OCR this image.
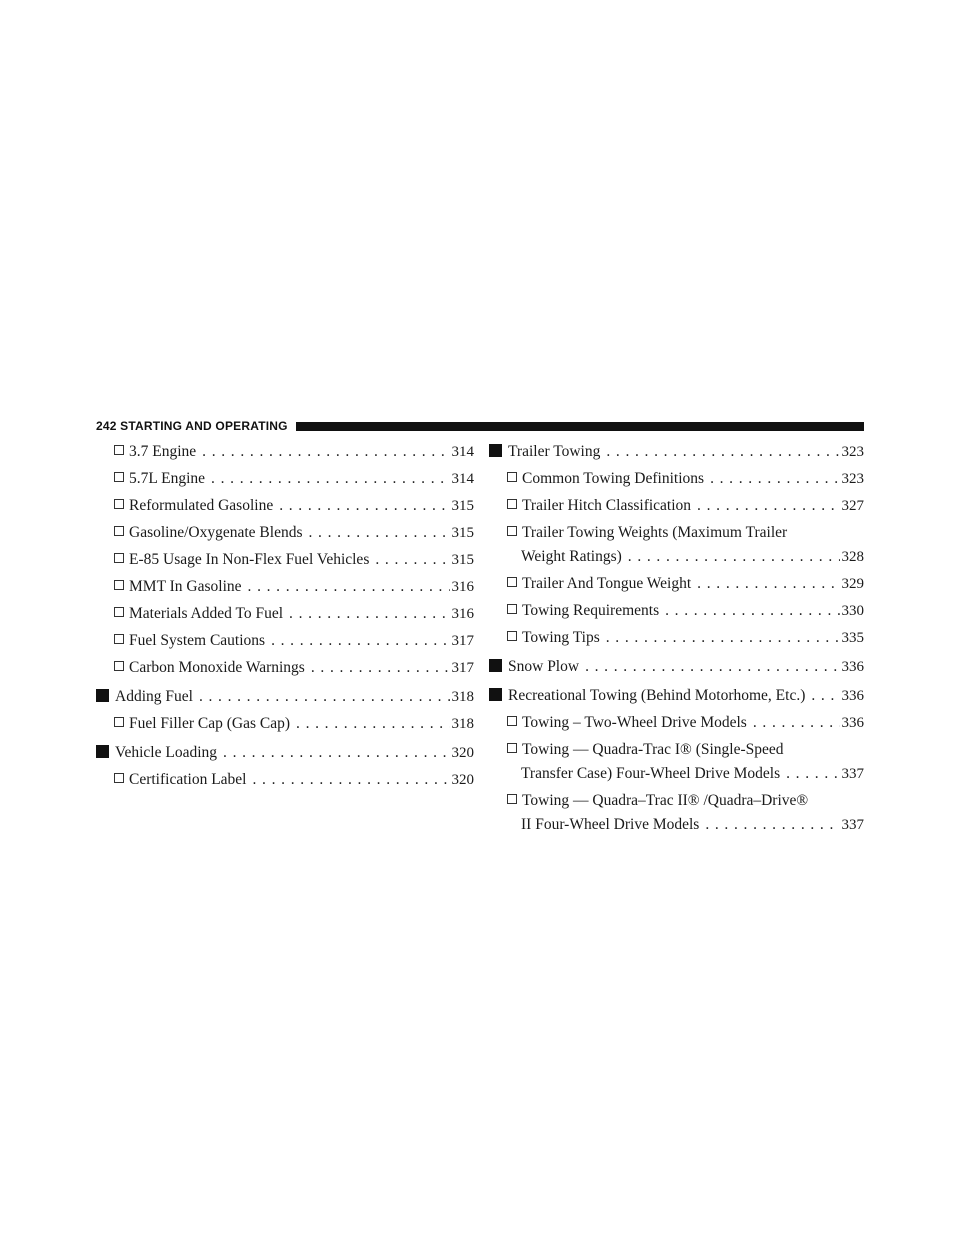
242 STARTING AND OPERATING
3.7 Engine . . .	314
5.7L Engine . . .	314
Reformulated Gasoline . . .	315
Gasoline/Oxygenate Blends . . .	315
E-85 Usage In Non-Flex Fuel Vehicles . . .	315
MMT In Gasoline . . .	316
Materials Added To Fuel . . .	316
Fuel System Cautions . . .	317
Carbon Monoxide Warnings . . .	317
Adding Fuel . . .	318
Fuel Filler Cap (Gas Cap) . . .	318
Vehicle Loading . . .	320
Certification Label . . .	320
Trailer Towing . . .	323
Common Towing Definitions . . .	323
Trailer Hitch Classification . . .	327
Trailer Towing Weights (Maximum Trailer
Weight Ratings) . . .	328
Trailer And Tongue Weight . . .	329
Towing Requirements . . .	330
Towing Tips . . .	335
Snow Plow . . .	336
Recreational Towing (Behind Motorhome, Etc.) . . . 336
Towing – Two-Wheel Drive Models . . .	336
Towing — Quadra-Trac I® (Single-Speed
Transfer Case) Four-Wheel Drive Models . . .	337
Towing — Quadra–Trac II® /Quadra–Drive®
II Four-Wheel Drive Models . . .	337
